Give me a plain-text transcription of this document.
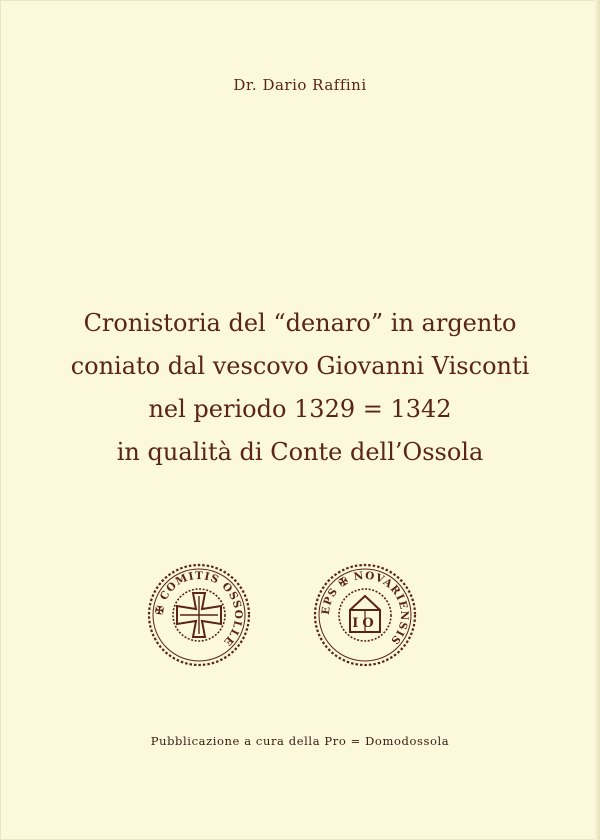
Dr. Dario Raffini
Cronistoria del “denaro” in argento
coniato dal vescovo Giovanni Visconti
nel periodo 1329 = 1342
in qualità di Conte dell’Ossola
✠ COMITIS OSSOLLE
EPS ✠ NOVARIENSIS
IO
Pubblicazione a cura della Pro = Domodossola
